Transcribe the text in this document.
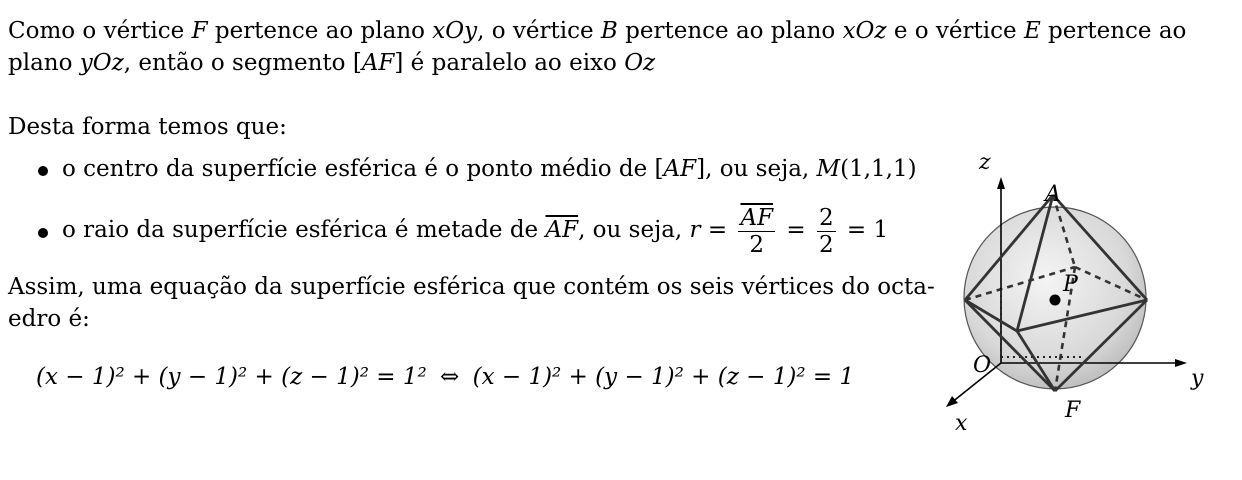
Como o vértice F pertence ao plano xOy, o vértice B pertence ao plano xOz e o vértice E pertence ao
plano yOz, então o segmento [AF] é paralelo ao eixo Oz
Desta forma temos que:
o centro da superfície esférica é o ponto médio de [AF], ou seja, M(1,1,1)
o raio da superfície esférica é metade de $\overline{AF}$, ou seja, $r = \frac{\overline{AF}}{2} = \frac{2}{2} = 1$
Assim, uma equação da superfície esférica que contém os seis vértices do octa-
edro é:
(x − 1)² + (y − 1)² + (z − 1)² = 1² ⇔ (x − 1)² + (y − 1)² + (z − 1)² = 1
z
A
P
O
y
x
F
